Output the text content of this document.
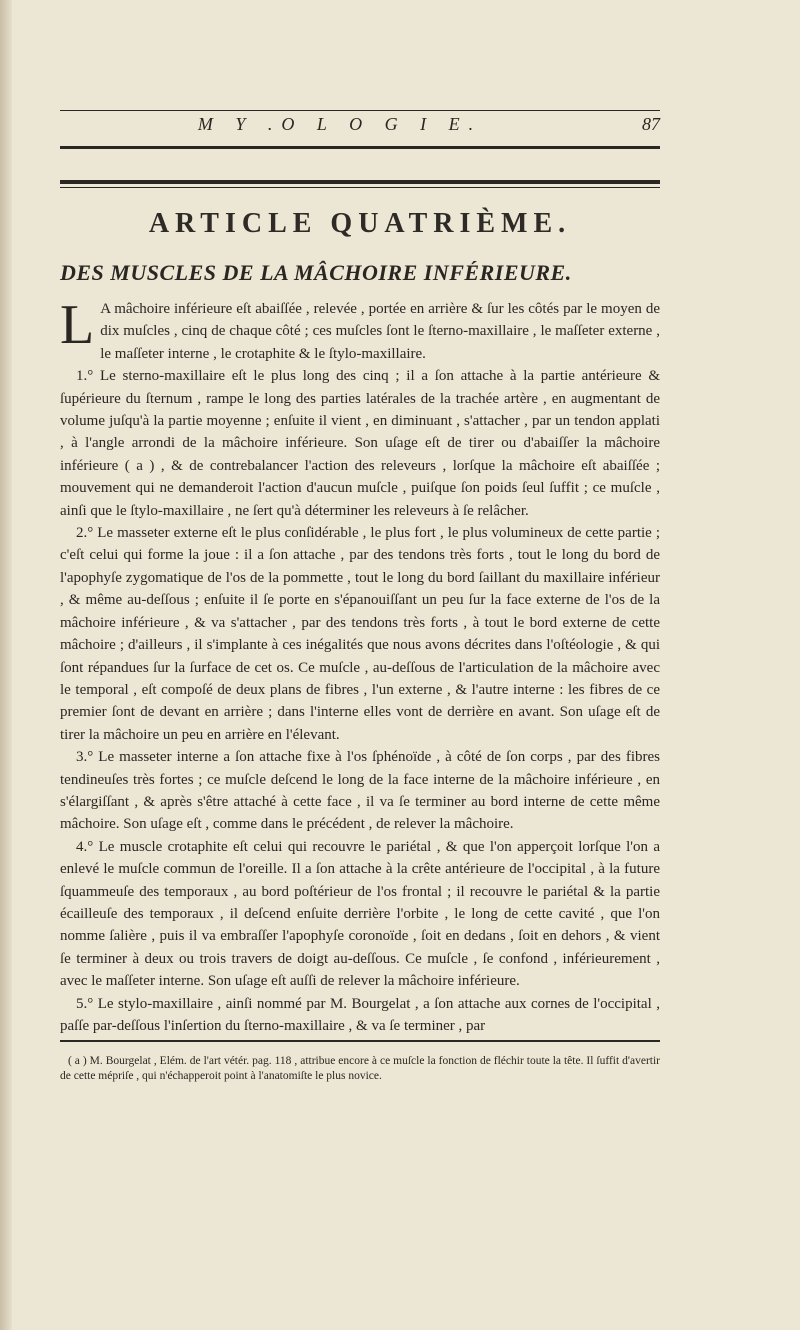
M Y .O L O G I E.	87
ARTICLE QUATRIÈME.
DES MUSCLES DE LA MÂCHOIRE INFÉRIEURE.

L A mâchoire inférieure eſt abaiſſée , relevée , portée en arrière & ſur les côtés par le moyen de dix muſcles , cinq de chaque côté ; ces muſcles ſont le ſterno-maxillaire , le maſſeter externe , le maſſeter interne , le crotaphite & le ſtylo-maxillaire.

1.° Le sterno-maxillaire eſt le plus long des cinq ; il a ſon attache à la partie antérieure & ſupérieure du ſternum , rampe le long des parties latérales de la trachée artère , en augmentant de volume juſqu'à la partie moyenne ; enſuite il vient , en diminuant , s'attacher , par un tendon applati , à l'angle arrondi de la mâchoire inférieure. Son uſage eſt de tirer ou d'abaiſſer la mâchoire inférieure ( a ) , & de contrebalancer l'action des releveurs , lorſque la mâchoire eſt abaiſſée ; mouvement qui ne demanderoit l'action d'aucun muſcle , puiſque ſon poids ſeul ſuffit ; ce muſcle , ainſi que le ſtylo-maxillaire , ne ſert qu'à déterminer les releveurs à ſe relâcher.

2.° Le masseter externe eſt le plus conſidérable , le plus fort , le plus volumineux de cette partie ; c'eſt celui qui forme la joue : il a ſon attache , par des tendons très forts , tout le long du bord de l'apophyſe zygomatique de l'os de la pommette , tout le long du bord ſaillant du maxillaire inférieur , & même au-deſſous ; enſuite il ſe porte en s'épanouiſſant un peu ſur la face externe de l'os de la mâchoire inférieure , & va s'attacher , par des tendons très forts , à tout le bord externe de cette mâchoire ; d'ailleurs , il s'implante à ces inégalités que nous avons décrites dans l'oſtéologie , & qui ſont répandues ſur la ſurface de cet os. Ce muſcle , au-deſſous de l'articulation de la mâchoire avec le temporal , eſt compoſé de deux plans de fibres , l'un externe , & l'autre interne : les fibres de ce premier ſont de devant en arrière ; dans l'interne elles vont de derrière en avant. Son uſage eſt de tirer la mâchoire un peu en arrière en l'élevant.

3.° Le masseter interne a ſon attache fixe à l'os ſphénoïde , à côté de ſon corps , par des fibres tendineuſes très fortes ; ce muſcle deſcend le long de la face interne de la mâchoire inférieure , en s'élargiſſant , & après s'être attaché à cette face , il va ſe terminer au bord interne de cette même mâchoire. Son uſage eſt , comme dans le précédent , de relever la mâchoire.

4.° Le muscle crotaphite eſt celui qui recouvre le pariétal , & que l'on apperçoit lorſque l'on a enlevé le muſcle commun de l'oreille. Il a ſon attache à la crête antérieure de l'occipital , à la future ſquammeuſe des temporaux , au bord poſtérieur de l'os frontal ; il recouvre le pariétal & la partie écailleuſe des temporaux , il deſcend enſuite derrière l'orbite , le long de cette cavité , que l'on nomme ſalière , puis il va embraſſer l'apophyſe coronoïde , ſoit en dedans , ſoit en dehors , & vient ſe terminer à deux ou trois travers de doigt au-deſſous. Ce muſcle , ſe confond , inférieurement , avec le maſſeter interne. Son uſage eſt auſſi de relever la mâchoire inférieure.

5.° Le stylo-maxillaire , ainſi nommé par M. Bourgelat , a ſon attache aux cornes de l'occipital , paſſe par-deſſous l'inſertion du ſterno-maxillaire , & va ſe terminer , par

( a ) M. Bourgelat , Elém. de l'art vétér. pag. 118 , attribue encore à ce muſcle la fonction de fléchir toute la tête. Il ſuffit d'avertir de cette mépriſe , qui n'échapperoit point à l'anatomiſte le plus novice.
